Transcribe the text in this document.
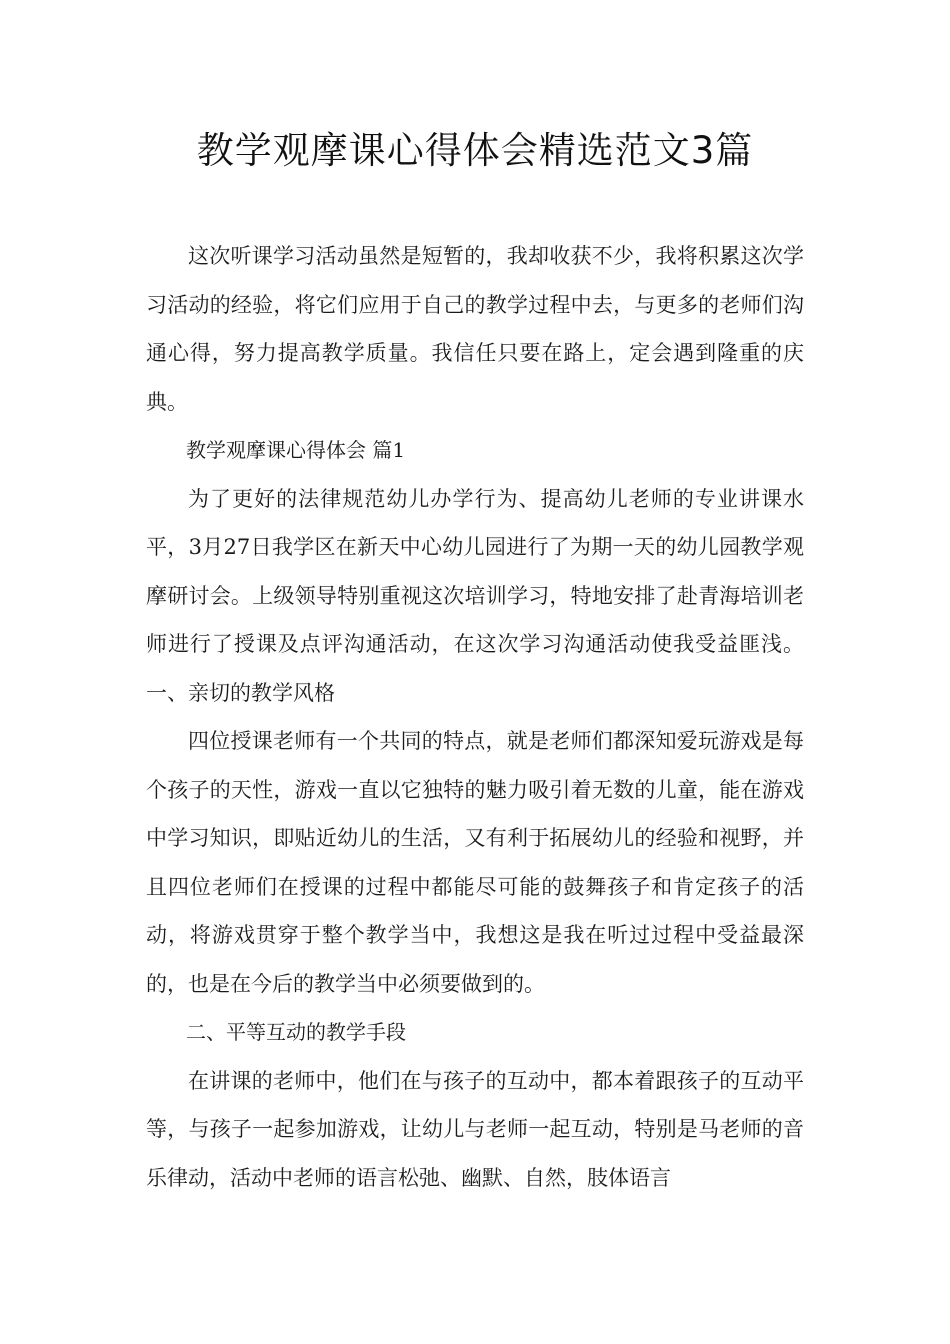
教学观摩课心得体会精选范文3篇

这次听课学习活动虽然是短暂的，我却收获不少，我将积累这次学习活动的经验，将它们应用于自己的教学过程中去，与更多的老师们沟通心得，努力提高教学质量。我信任只要在路上，定会遇到隆重的庆典。

教学观摩课心得体会 篇1

为了更好的法律规范幼儿办学行为、提高幼儿老师的专业讲课水平，3月27日我学区在新天中心幼儿园进行了为期一天的幼儿园教学观摩研讨会。上级领导特别重视这次培训学习，特地安排了赴青海培训老师进行了授课及点评沟通活动，在这次学习沟通活动使我受益匪浅。一、亲切的教学风格

四位授课老师有一个共同的特点，就是老师们都深知爱玩游戏是每个孩子的天性，游戏一直以它独特的魅力吸引着无数的儿童，能在游戏中学习知识，即贴近幼儿的生活，又有利于拓展幼儿的经验和视野，并且四位老师们在授课的过程中都能尽可能的鼓舞孩子和肯定孩子的活动，将游戏贯穿于整个教学当中，我想这是我在听过过程中受益最深的，也是在今后的教学当中必须要做到的。

二、平等互动的教学手段

在讲课的老师中，他们在与孩子的互动中，都本着跟孩子的互动平等，与孩子一起参加游戏，让幼儿与老师一起互动，特别是马老师的音乐律动，活动中老师的语言松弛、幽默、自然，肢体语言
